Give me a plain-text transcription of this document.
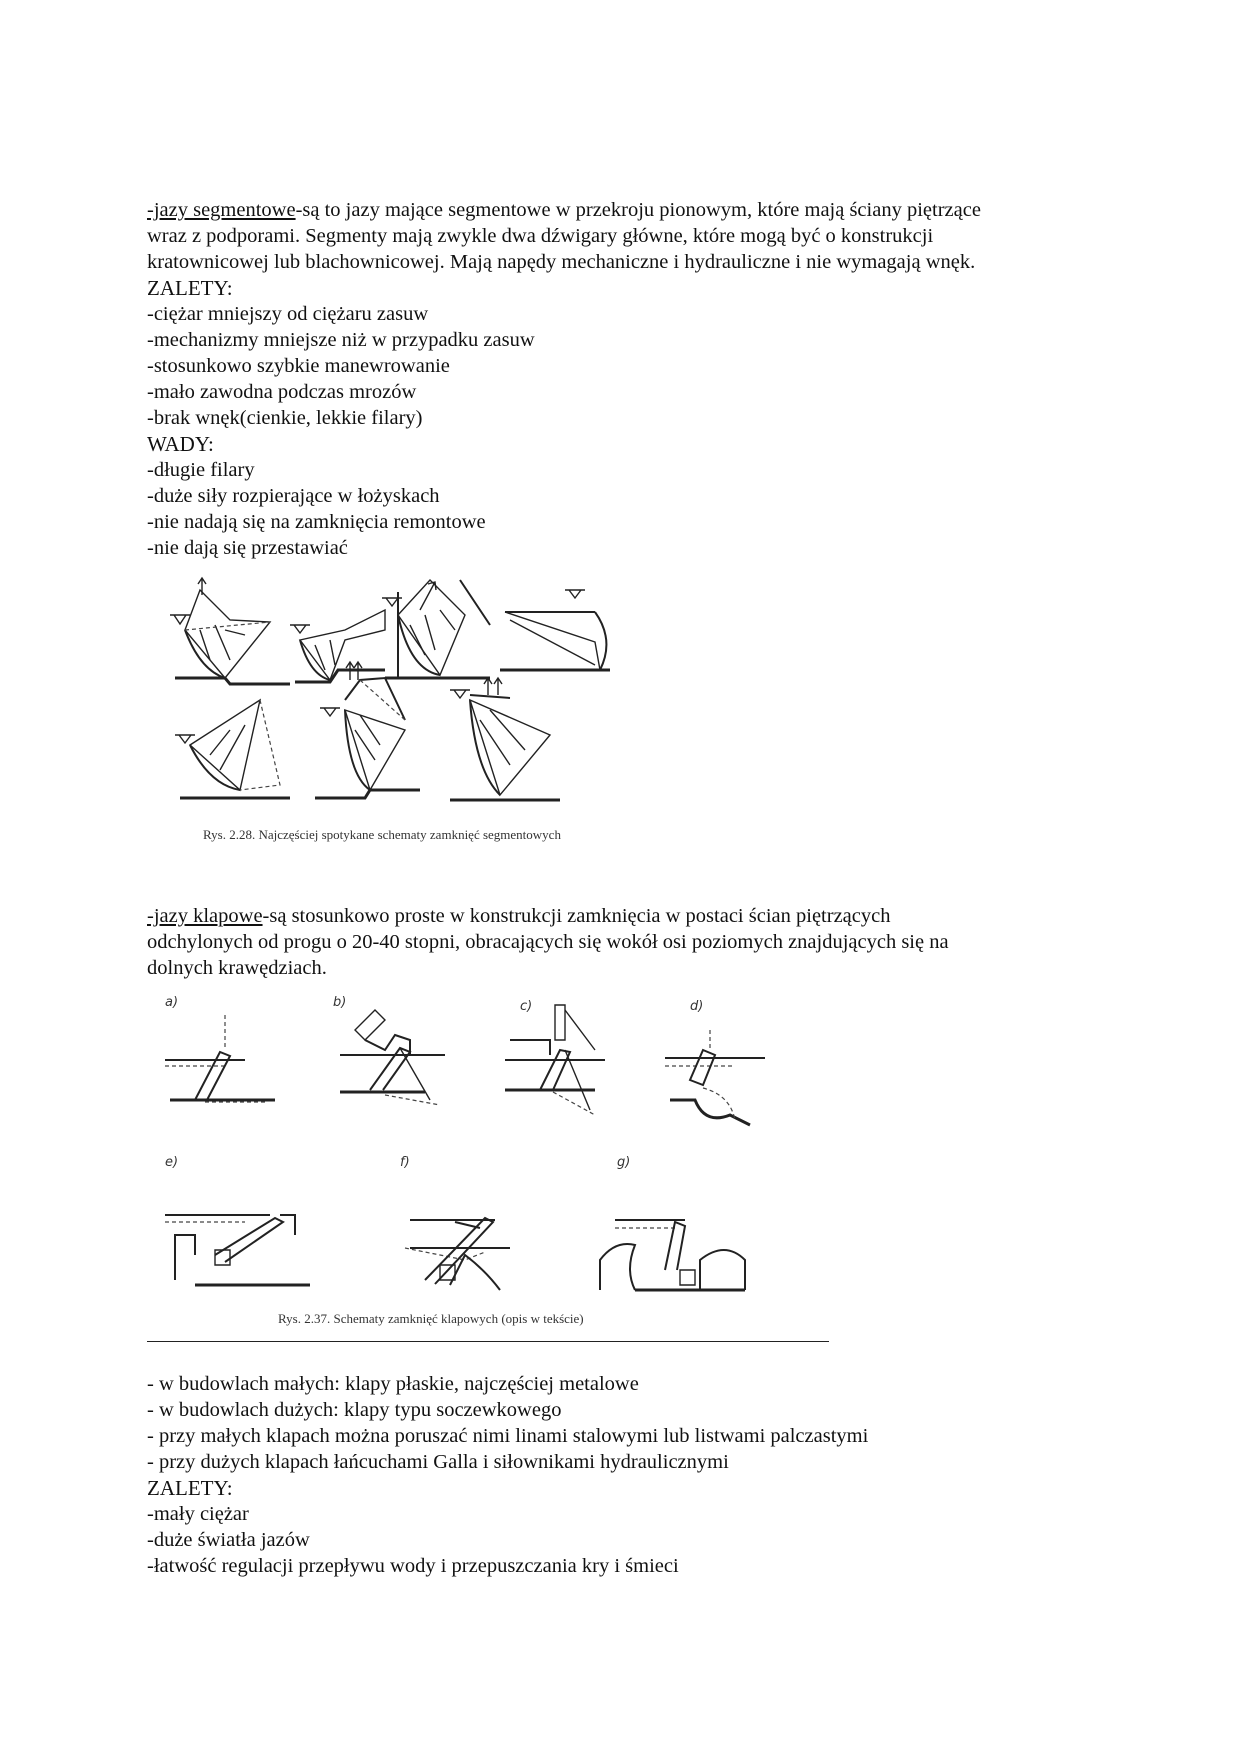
-jazy segmentowe-są to jazy mające segmentowe w przekroju pionowym, które mają ściany piętrzące
wraz z podporami. Segmenty mają zwykle dwa dźwigary główne, które mogą być o konstrukcji
kratownicowej lub blachownicowej. Mają napędy mechaniczne i hydrauliczne i nie wymagają wnęk.
ZALETY:
-ciężar mniejszy od ciężaru zasuw
-mechanizmy mniejsze niż w przypadku zasuw
-stosunkowo szybkie manewrowanie
-mało zawodna podczas mrozów
-brak wnęk(cienkie, lekkie filary)
WADY:
-długie filary
-duże siły rozpierające w łożyskach
-nie nadają się na zamknięcia remontowe
-nie dają się przestawiać
Rys. 2.28. Najczęściej spotykane schematy zamknięć segmentowych
-jazy klapowe-są stosunkowo proste w konstrukcji zamknięcia w postaci ścian piętrzących
odchylonych od progu o 20-40 stopni, obracających się wokół osi poziomych znajdujących się na
dolnych krawędziach.
a)	b)	c)	d)
e)	f)	g)
Rys. 2.37. Schematy zamknięć klapowych (opis w tekście)
- w budowlach małych: klapy płaskie, najczęściej metalowe
- w budowlach dużych: klapy typu soczewkowego
- przy małych klapach można poruszać nimi linami stalowymi lub listwami palczastymi
- przy dużych klapach łańcuchami Galla i siłownikami hydraulicznymi
ZALETY:
-mały ciężar
-duże światła jazów
-łatwość regulacji przepływu wody i przepuszczania kry i śmieci
